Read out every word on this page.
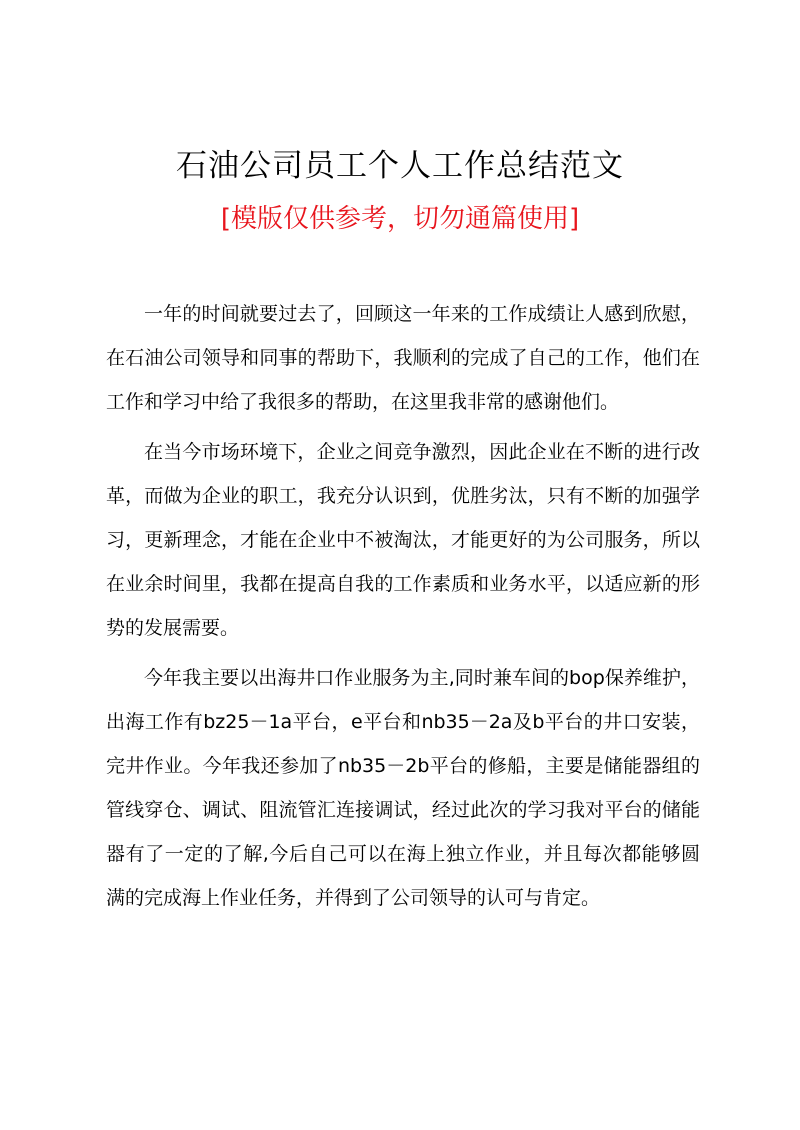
石油公司员工个人工作总结范文
[模版仅供参考，切勿通篇使用]

一年的时间就要过去了，回顾这一年来的工作成绩让人感到欣慰，在石油公司领导和同事的帮助下，我顺利的完成了自己的工作，他们在工作和学习中给了我很多的帮助，在这里我非常的感谢他们。

在当今市场环境下，企业之间竞争激烈，因此企业在不断的进行改革，而做为企业的职工，我充分认识到，优胜劣汰，只有不断的加强学习，更新理念，才能在企业中不被淘汰，才能更好的为公司服务，所以在业余时间里，我都在提高自我的工作素质和业务水平，以适应新的形势的发展需要。

今年我主要以出海井口作业服务为主,同时兼车间的bop保养维护，出海工作有bz25－1a平台，e平台和nb35－2a及b平台的井口安装，完井作业。今年我还参加了nb35－2b平台的修船，主要是储能器组的管线穿仓、调试、阻流管汇连接调试，经过此次的学习我对平台的储能器有了一定的了解,今后自己可以在海上独立作业，并且每次都能够圆满的完成海上作业任务，并得到了公司领导的认可与肯定。
